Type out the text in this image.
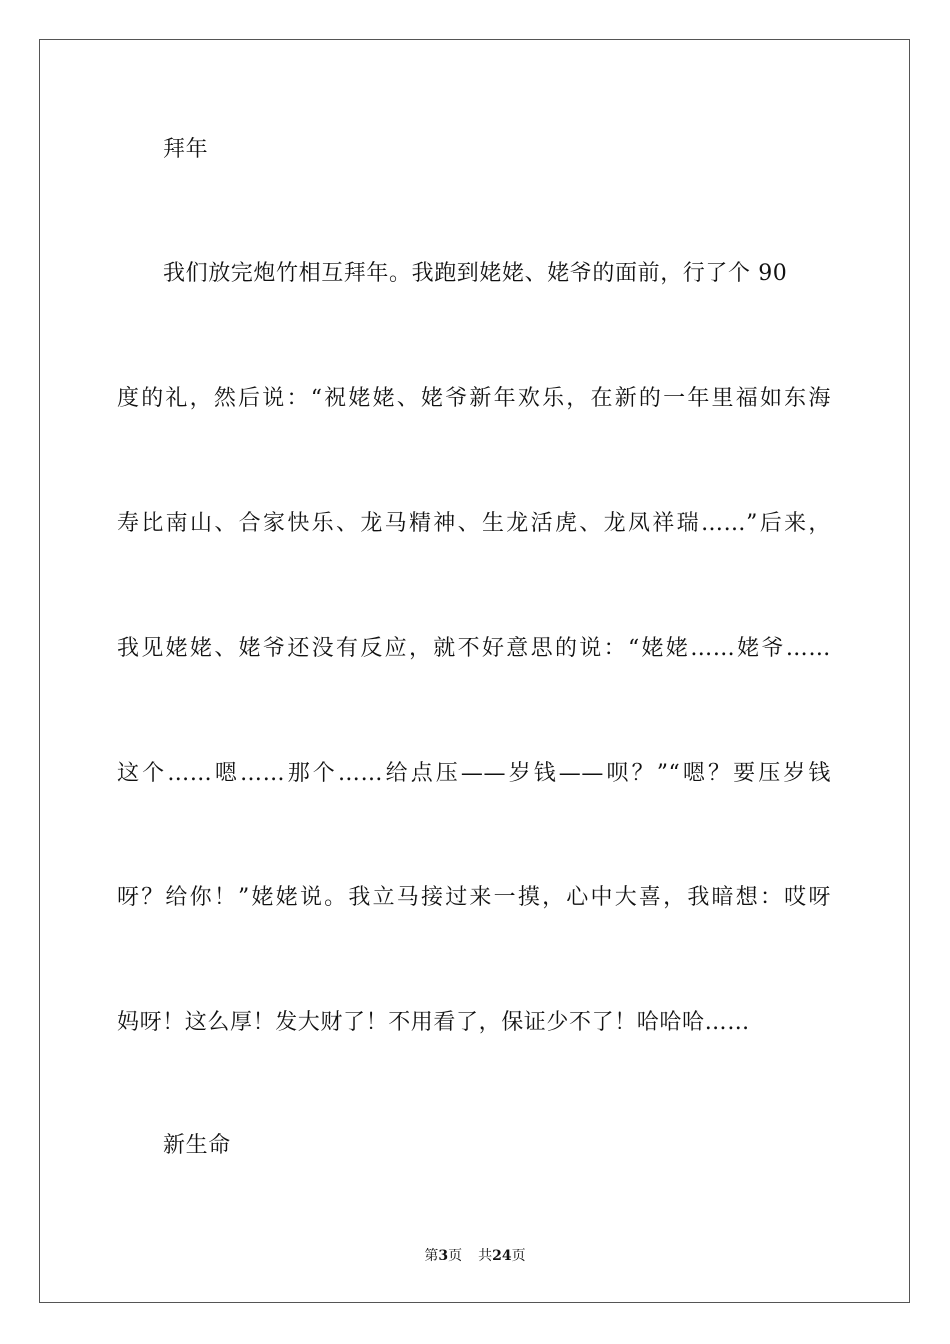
拜年
我们放完炮竹相互拜年。我跑到姥姥、姥爷的面前，行了个 90
度的礼，然后说：“祝姥姥、姥爷新年欢乐，在新的一年里福如东海
寿比南山、合家快乐、龙马精神、生龙活虎、龙凤祥瑞……”后来，
我见姥姥、姥爷还没有反应，就不好意思的说：“姥姥……姥爷……
这个……嗯……那个……给点压——岁钱——呗？”“嗯？要压岁钱
呀？给你！”姥姥说。我立马接过来一摸，心中大喜，我暗想：哎呀
妈呀！这么厚！发大财了！不用看了，保证少不了！哈哈哈……
新生命
第3页 共24页
